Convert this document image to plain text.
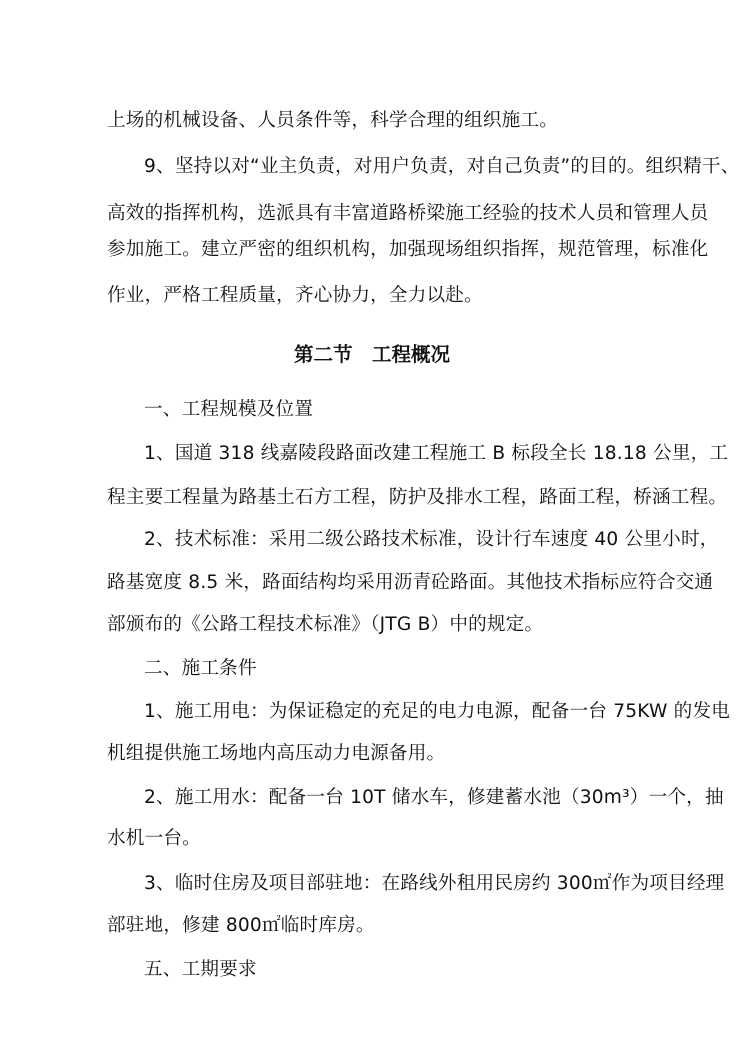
上场的机械设备、人员条件等，科学合理的组织施工。
9、坚持以对“业主负责，对用户负责，对自己负责”的目的。组织精干、
高效的指挥机构，选派具有丰富道路桥梁施工经验的技术人员和管理人员
参加施工。建立严密的组织机构，加强现场组织指挥，规范管理，标准化
作业，严格工程质量，齐心协力，全力以赴。
第二节　工程概况
一、工程规模及位置
1、国道 318 线嘉陵段路面改建工程施工 B 标段全长 18.18 公里，工
程主要工程量为路基土石方工程，防护及排水工程，路面工程，桥涵工程。
2、技术标准：采用二级公路技术标准，设计行车速度 40 公里小时，
路基宽度 8.5 米，路面结构均采用沥青砼路面。其他技术指标应符合交通
部颁布的《公路工程技术标准》（JTG B）中的规定。
二、施工条件
1、施工用电：为保证稳定的充足的电力电源，配备一台 75KW 的发电
机组提供施工场地内高压动力电源备用。
2、施工用水：配备一台 10T 储水车，修建蓄水池（30m³）一个，抽
水机一台。
3、临时住房及项目部驻地：在路线外租用民房约 300㎡作为项目经理
部驻地，修建 800㎡临时库房。
五、工期要求
